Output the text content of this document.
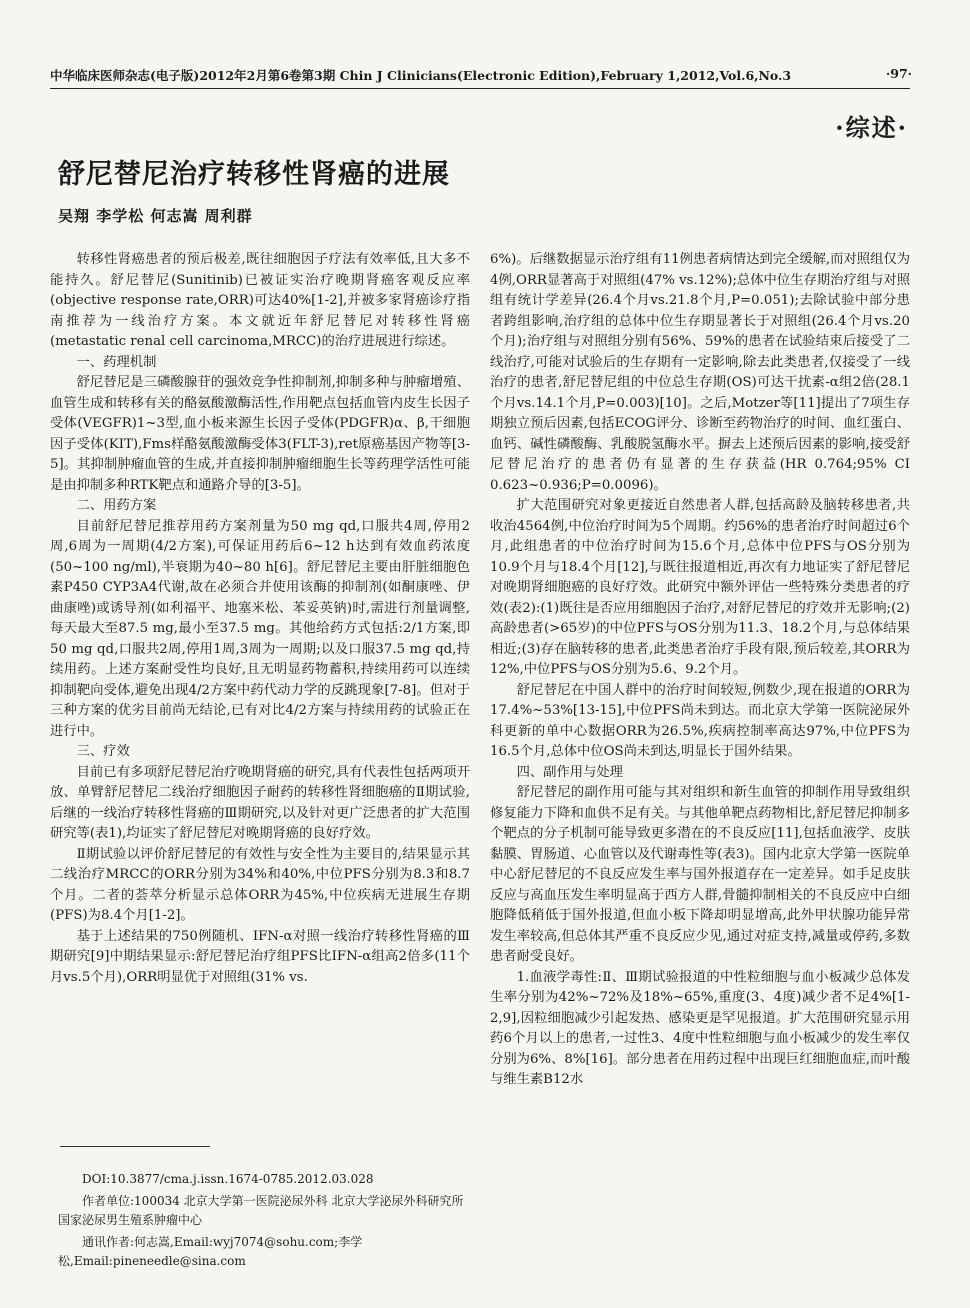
中华临床医师杂志(电子版)2012年2月第6卷第3期 Chin J Clinicians(Electronic Edition),February 1,2012,Vol.6,No.3	·97·
·综述·
舒尼替尼治疗转移性肾癌的进展
吴翔 李学松 何志嵩 周利群

转移性肾癌患者的预后极差,既往细胞因子疗法有效率低,且大多不能持久。舒尼替尼(Sunitinib)已被证实治疗晚期肾癌客观反应率(objective response rate,ORR)可达40%[1-2],并被多家肾癌诊疗指南推荐为一线治疗方案。本文就近年舒尼替尼对转移性肾癌(metastatic renal cell carcinoma,MRCC)的治疗进展进行综述。

一、药理机制

舒尼替尼是三磷酸腺苷的强效竞争性抑制剂,抑制多种与肿瘤增殖、血管生成和转移有关的酪氨酸激酶活性,作用靶点包括血管内皮生长因子受体(VEGFR)1~3型,血小板来源生长因子受体(PDGFR)α、β,干细胞因子受体(KIT),Fms样酪氨酸激酶受体3(FLT-3),ret原癌基因产物等[3-5]。其抑制肿瘤血管的生成,并直接抑制肿瘤细胞生长等药理学活性可能是由抑制多种RTK靶点和通路介导的[3-5]。

二、用药方案

目前舒尼替尼推荐用药方案剂量为50 mg qd,口服共4周,停用2周,6周为一周期(4/2方案),可保证用药后6~12 h达到有效血药浓度(50~100 ng/ml),半衰期为40~80 h[6]。舒尼替尼主要由肝脏细胞色素P450 CYP3A4代谢,故在必须合并使用该酶的抑制剂(如酮康唑、伊曲康唑)或诱导剂(如利福平、地塞米松、苯妥英钠)时,需进行剂量调整,每天最大至87.5 mg,最小至37.5 mg。其他给药方式包括:2/1方案,即50 mg qd,口服共2周,停用1周,3周为一周期;以及口服37.5 mg qd,持续用药。上述方案耐受性均良好,且无明显药物蓄积,持续用药可以连续抑制靶向受体,避免出现4/2方案中药代动力学的反跳现象[7-8]。但对于三种方案的优劣目前尚无结论,已有对比4/2方案与持续用药的试验正在进行中。

三、疗效

目前已有多项舒尼替尼治疗晚期肾癌的研究,具有代表性包括两项开放、单臂舒尼替尼二线治疗细胞因子耐药的转移性肾细胞癌的Ⅱ期试验,后继的一线治疗转移性肾癌的Ⅲ期研究,以及针对更广泛患者的扩大范围研究等(表1),均证实了舒尼替尼对晚期肾癌的良好疗效。

Ⅱ期试验以评价舒尼替尼的有效性与安全性为主要目的,结果显示其二线治疗MRCC的ORR分别为34%和40%,中位PFS分别为8.3和8.7个月。二者的荟萃分析显示总体ORR为45%,中位疾病无进展生存期(PFS)为8.4个月[1-2]。

基于上述结果的750例随机、IFN-α对照一线治疗转移性肾癌的Ⅲ期研究[9]中期结果显示:舒尼替尼治疗组PFS比IFN-α组高2倍多(11个月vs.5个月),ORR明显优于对照组(31% vs.

DOI:10.3877/cma.j.issn.1674-0785.2012.03.028

作者单位:100034 北京大学第一医院泌尿外科 北京大学泌尿外科研究所 国家泌尿男生殖系肿瘤中心

通讯作者:何志嵩,Email:wyj7074@sohu.com;李学松,Email:pineneedle@sina.com

6%)。后继数据显示治疗组有11例患者病情达到完全缓解,而对照组仅为4例,ORR显著高于对照组(47% vs.12%);总体中位生存期治疗组与对照组有统计学差异(26.4个月vs.21.8个月,P=0.051);去除试验中部分患者跨组影响,治疗组的总体中位生存期显著长于对照组(26.4个月vs.20个月);治疗组与对照组分别有56%、59%的患者在试验结束后接受了二线治疗,可能对试验后的生存期有一定影响,除去此类患者,仅接受了一线治疗的患者,舒尼替尼组的中位总生存期(OS)可达干扰素-α组2倍(28.1个月vs.14.1个月,P=0.003)[10]。之后,Motzer等[11]提出了7项生存期独立预后因素,包括ECOG评分、诊断至药物治疗的时间、血红蛋白、血钙、碱性磷酸酶、乳酸脱氢酶水平。摒去上述预后因素的影响,接受舒尼替尼治疗的患者仍有显著的生存获益(HR 0.764;95% CI 0.623~0.936;P=0.0096)。

扩大范围研究对象更接近自然患者人群,包括高龄及脑转移患者,共收治4564例,中位治疗时间为5个周期。约56%的患者治疗时间超过6个月,此组患者的中位治疗时间为15.6个月,总体中位PFS与OS分别为10.9个月与18.4个月[12],与既往报道相近,再次有力地证实了舒尼替尼对晚期肾细胞癌的良好疗效。此研究中额外评估一些特殊分类患者的疗效(表2):(1)既往是否应用细胞因子治疗,对舒尼替尼的疗效并无影响;(2)高龄患者(>65岁)的中位PFS与OS分别为11.3、18.2个月,与总体结果相近;(3)存在脑转移的患者,此类患者治疗手段有限,预后较差,其ORR为12%,中位PFS与OS分别为5.6、9.2个月。

舒尼替尼在中国人群中的治疗时间较短,例数少,现在报道的ORR为17.4%~53%[13-15],中位PFS尚未到达。而北京大学第一医院泌尿外科更新的单中心数据ORR为26.5%,疾病控制率高达97%,中位PFS为16.5个月,总体中位OS尚未到达,明显长于国外结果。

四、副作用与处理

舒尼替尼的副作用可能与其对组织和新生血管的抑制作用导致组织修复能力下降和血供不足有关。与其他单靶点药物相比,舒尼替尼抑制多个靶点的分子机制可能导致更多潜在的不良反应[11],包括血液学、皮肤黏膜、胃肠道、心血管以及代谢毒性等(表3)。国内北京大学第一医院单中心舒尼替尼的不良反应发生率与国外报道存在一定差异。如手足皮肤反应与高血压发生率明显高于西方人群,骨髓抑制相关的不良反应中白细胞降低稍低于国外报道,但血小板下降却明显增高,此外甲状腺功能异常发生率较高,但总体其严重不良反应少见,通过对症支持,减量或停药,多数患者耐受良好。

1.血液学毒性:Ⅱ、Ⅲ期试验报道的中性粒细胞与血小板减少总体发生率分别为42%~72%及18%~65%,重度(3、4度)减少者不足4%[1-2,9],因粒细胞减少引起发热、感染更是罕见报道。扩大范围研究显示用药6个月以上的患者,一过性3、4度中性粒细胞与血小板减少的发生率仅分别为6%、8%[16]。部分患者在用药过程中出现巨红细胞血症,而叶酸与维生素B12水
